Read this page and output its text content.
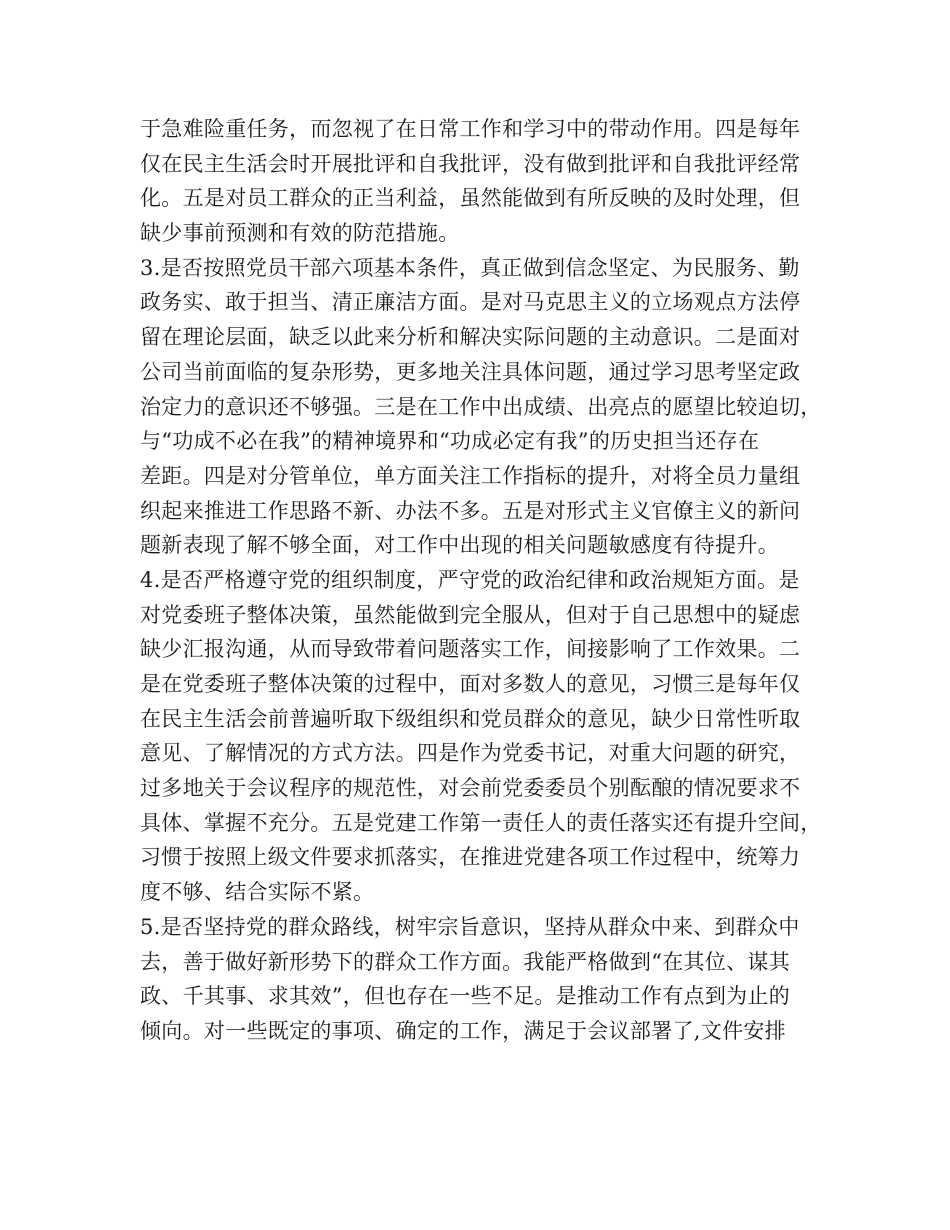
于急难险重任务，而忽视了在日常工作和学习中的带动作用。四是每年
仅在民主生活会时开展批评和自我批评，没有做到批评和自我批评经常
化。五是对员工群众的正当利益，虽然能做到有所反映的及时处理，但
缺少事前预测和有效的防范措施。
3.是否按照党员干部六项基本条件，真正做到信念坚定、为民服务、勤
政务实、敢于担当、清正廉洁方面。是对马克思主义的立场观点方法停
留在理论层面，缺乏以此来分析和解决实际问题的主动意识。二是面对
公司当前面临的复杂形势，更多地关注具体问题，通过学习思考坚定政
治定力的意识还不够强。三是在工作中出成绩、出亮点的愿望比较迫切，
与“功成不必在我”的精神境界和“功成必定有我”的历史担当还存在
差距。四是对分管单位，单方面关注工作指标的提升，对将全员力量组
织起来推进工作思路不新、办法不多。五是对形式主义官僚主义的新问
题新表现了解不够全面，对工作中出现的相关问题敏感度有待提升。
4.是否严格遵守党的组织制度，严守党的政治纪律和政治规矩方面。是
对党委班子整体决策，虽然能做到完全服从，但对于自己思想中的疑虑
缺少汇报沟通，从而导致带着问题落实工作，间接影响了工作效果。二
是在党委班子整体决策的过程中，面对多数人的意见，习惯三是每年仅
在民主生活会前普遍听取下级组织和党员群众的意见，缺少日常性听取
意见、了解情况的方式方法。四是作为党委书记，对重大问题的研究，
过多地关于会议程序的规范性，对会前党委委员个别酝酿的情况要求不
具体、掌握不充分。五是党建工作第一责任人的责任落实还有提升空间，
习惯于按照上级文件要求抓落实，在推进党建各项工作过程中，统筹力
度不够、结合实际不紧。
5.是否坚持党的群众路线，树牢宗旨意识，坚持从群众中来、到群众中
去，善于做好新形势下的群众工作方面。我能严格做到“在其位、谋其
政、千其事、求其效”，但也存在一些不足。是推动工作有点到为止的
倾向。对一些既定的事项、确定的工作，满足于会议部署了,文件安排
